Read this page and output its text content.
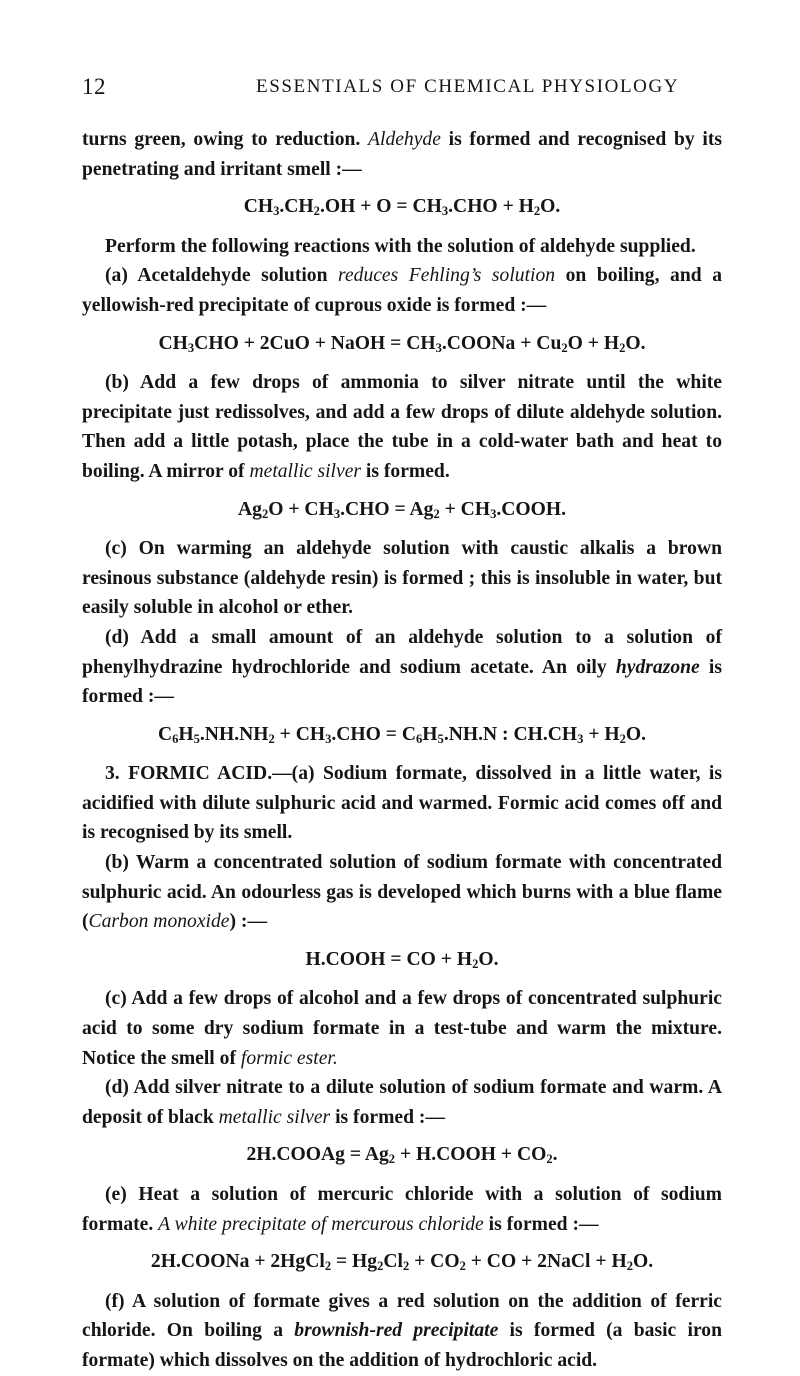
12	ESSENTIALS OF CHEMICAL PHYSIOLOGY

turns green, owing to reduction. Aldehyde is formed and recognised by its penetrating and irritant smell :—

$CH_3.CH_2.OH + O = CH_3.CHO + H_2O$.

Perform the following reactions with the solution of aldehyde supplied.

(a) Acetaldehyde solution reduces Fehling’s solution on boiling, and a yellowish-red precipitate of cuprous oxide is formed :—

$CH_3CHO + 2CuO$ + NaOH = $CH_3.COONa + Cu_2O + H_2O$.

(b) Add a few drops of ammonia to silver nitrate until the white precipitate just redissolves, and add a few drops of dilute aldehyde solution. Then add a little potash, place the tube in a cold-water bath and heat to boiling. A mirror of metallic silver is formed.

$Ag_2O + CH_3.CHO = Ag_2$ + $CH_3.COOH$.

(c) On warming an aldehyde solution with caustic alkalis a brown resinous substance (aldehyde resin) is formed ; this is insoluble in water, but easily soluble in alcohol or ether.

(d) Add a small amount of an aldehyde solution to a solution of phenylhydrazine hydrochloride and sodium acetate. An oily hydrazone is formed :—

$C_6H_5.NH.NH_2 + CH_3.CHO = C_6H_5.NH.N$ : $CH.CH_3 + H_2O$.

3. FORMIC ACID.—(a) Sodium formate, dissolved in a little water, is acidified with dilute sulphuric acid and warmed. Formic acid comes off and is recognised by its smell.

(b) Warm a concentrated solution of sodium formate with concentrated sulphuric acid. An odourless gas is developed which burns with a blue flame (Carbon monoxide) :—

H.COOH = CO + $H_2O$.

(c) Add a few drops of alcohol and a few drops of concentrated sulphuric acid to some dry sodium formate in a test-tube and warm the mixture. Notice the smell of formic ester.

(d) Add silver nitrate to a dilute solution of sodium formate and warm. A deposit of black metallic silver is formed :—

2H.COOAg = $Ag_2$ + H.COOH + $CO_2$.

(e) Heat a solution of mercuric chloride with a solution of sodium formate. A white precipitate of mercurous chloride is formed :—

2H.COONa + 2HgCl$_2$ = $Hg_2Cl_2 + CO_2$ + CO + 2NaCl + $H_2O$.

(f) A solution of formate gives a red solution on the addition of ferric chloride. On boiling a brownish-red precipitate is formed (a basic iron formate) which dissolves on the addition of hydrochloric acid.
